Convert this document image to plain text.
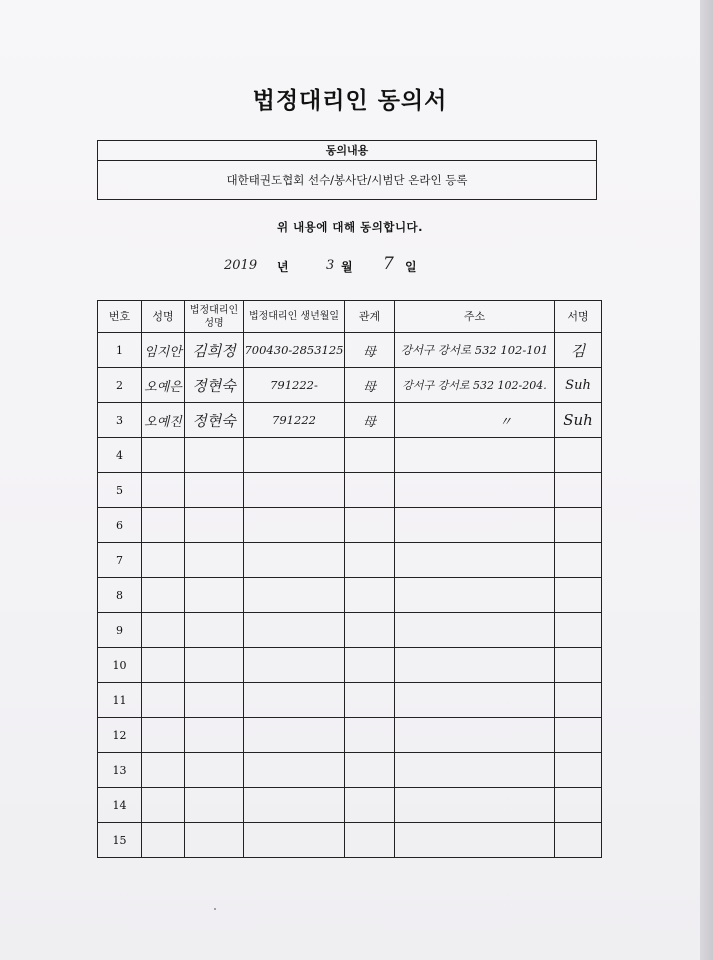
법정대리인 동의서
동의내용
대한태권도협회 선수/봉사단/시범단 온라인 등록
위 내용에 대해 동의합니다.
2019 년	3 월 7 일
번호	성명	법정대리인 성명	법정대리인 생년월일	관계	주소	서명
1	임지안	김희정	700430-2853125	母	강서구 강서로 532 102-101	김
2	오예은	정현숙	791222-	母	강서구 강서로 532 102-204.	Suh
3	오예진	정현숙	791222	母	〃	Suh
4						
5						
6						
7						
8						
9						
10						
11						
12						
13						
14						
15						
